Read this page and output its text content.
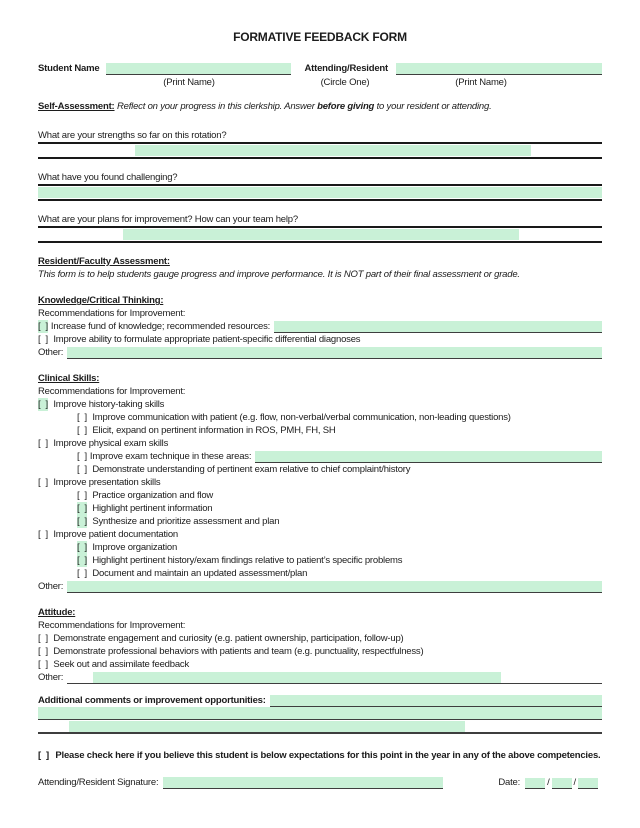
FORMATIVE FEEDBACK FORM
Student Name	Attending/Resident
(Print Name)	(Circle One)	(Print Name)
Self-Assessment: Reflect on your progress in this clerkship. Answer before giving to your resident or attending.
What are your strengths so far on this rotation?
What have you found challenging?
What are your plans for improvement? How can your team help?
Resident/Faculty Assessment:
This form is to help students gauge progress and improve performance. It is NOT part of their final assessment or grade.
Knowledge/Critical Thinking:
Recommendations for Improvement:
[ ] Increase fund of knowledge; recommended resources:
[ ] Improve ability to formulate appropriate patient-specific differential diagnoses
Other:
Clinical Skills:
Recommendations for Improvement:
[ ] Improve history-taking skills
[ ] Improve communication with patient (e.g. flow, non-verbal/verbal communication, non-leading questions)
[ ] Elicit, expand on pertinent information in ROS, PMH, FH, SH
[ ] Improve physical exam skills
[ ] Improve exam technique in these areas:
[ ] Demonstrate understanding of pertinent exam relative to chief complaint/history
[ ] Improve presentation skills
[ ] Practice organization and flow
[ ] Highlight pertinent information
[ ] Synthesize and prioritize assessment and plan
[ ] Improve patient documentation
[ ] Improve organization
[ ] Highlight pertinent history/exam findings relative to patient’s specific problems
[ ] Document and maintain an updated assessment/plan
Other:
Attitude:
Recommendations for Improvement:
[ ] Demonstrate engagement and curiosity (e.g. patient ownership, participation, follow-up)
[ ] Demonstrate professional behaviors with patients and team (e.g. punctuality, respectfulness)
[ ] Seek out and assimilate feedback
Other:
Additional comments or improvement opportunities:
[ ] Please check here if you believe this student is below expectations for this point in the year in any of the above competencies.
Attending/Resident Signature:	Date:	/	/
